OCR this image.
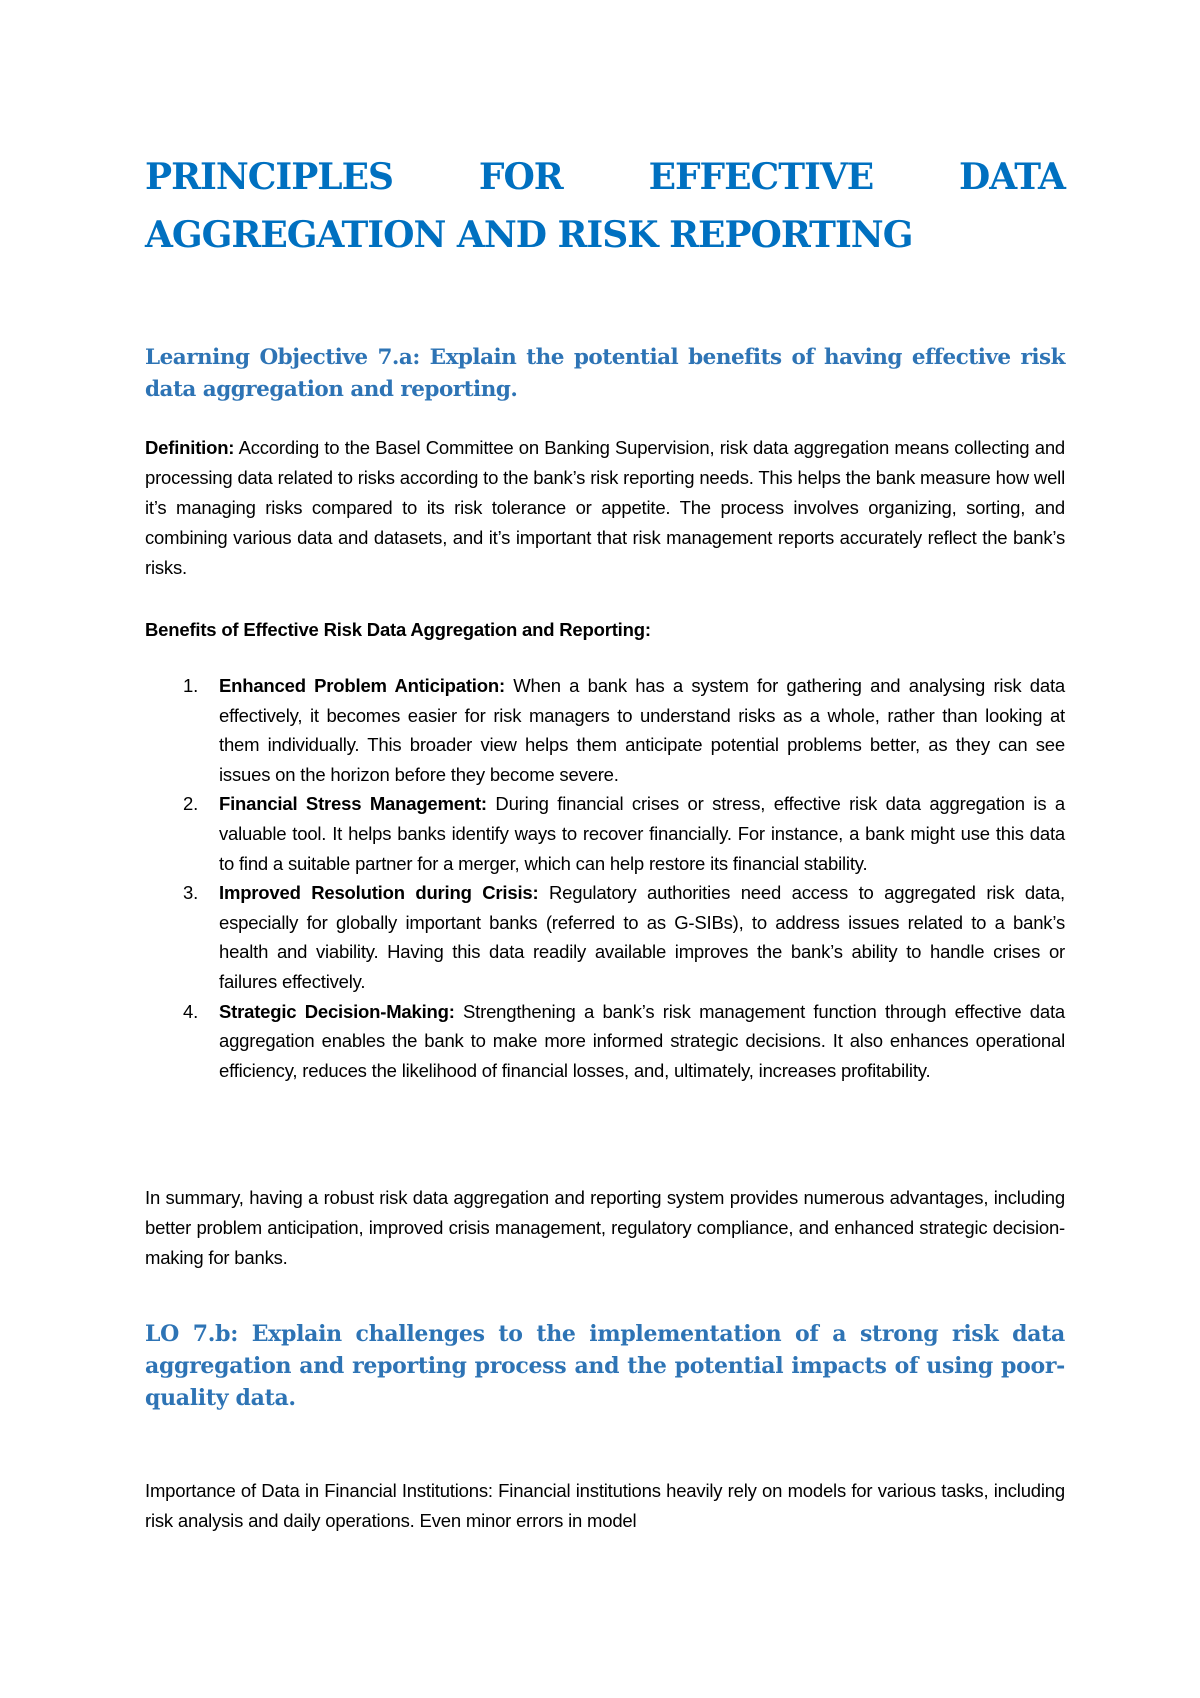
PRINCIPLES FOR EFFECTIVE DATA
AGGREGATION AND RISK REPORTING
Learning Objective 7.a: Explain the potential benefits of having effective risk data aggregation and reporting.

Definition: According to the Basel Committee on Banking Supervision, risk data aggregation means collecting and processing data related to risks according to the bank’s risk reporting needs. This helps the bank measure how well it’s managing risks compared to its risk tolerance or appetite. The process involves organizing, sorting, and combining various data and datasets, and it’s important that risk management reports accurately reflect the bank’s risks.

Benefits of Effective Risk Data Aggregation and Reporting:

1. Enhanced Problem Anticipation: When a bank has a system for gathering and analysing risk data effectively, it becomes easier for risk managers to understand risks as a whole, rather than looking at them individually. This broader view helps them anticipate potential problems better, as they can see issues on the horizon before they become severe.
2. Financial Stress Management: During financial crises or stress, effective risk data aggregation is a valuable tool. It helps banks identify ways to recover financially. For instance, a bank might use this data to find a suitable partner for a merger, which can help restore its financial stability.
3. Improved Resolution during Crisis: Regulatory authorities need access to aggregated risk data, especially for globally important banks (referred to as G-SIBs), to address issues related to a bank’s health and viability. Having this data readily available improves the bank’s ability to handle crises or failures effectively.
4. Strategic Decision-Making: Strengthening a bank’s risk management function through effective data aggregation enables the bank to make more informed strategic decisions. It also enhances operational efficiency, reduces the likelihood of financial losses, and, ultimately, increases profitability.

In summary, having a robust risk data aggregation and reporting system provides numerous advantages, including better problem anticipation, improved crisis management, regulatory compliance, and enhanced strategic decision-making for banks.

LO 7.b: Explain challenges to the implementation of a strong risk data aggregation and reporting process and the potential impacts of using poor-quality data.

Importance of Data in Financial Institutions: Financial institutions heavily rely on models for various tasks, including risk analysis and daily operations. Even minor errors in model
